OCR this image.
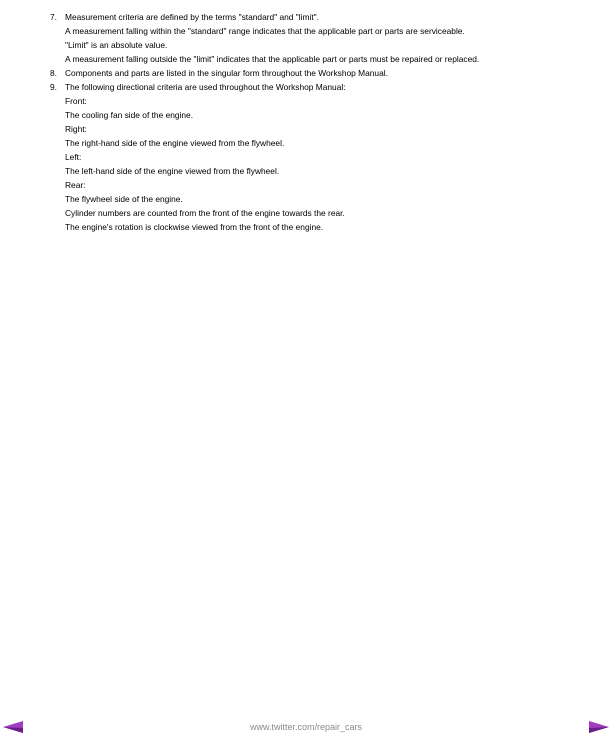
7. Measurement criteria are defined by the terms "standard" and "limit".
A measurement falling within the "standard" range indicates that the applicable part or parts are serviceable.
"Limit" is an absolute value.
A measurement falling outside the "limit" indicates that the applicable part or parts must be repaired or replaced.
8. Components and parts are listed in the singular form throughout the Workshop Manual.
9. The following directional criteria are used throughout the Workshop Manual:
Front:
The cooling fan side of the engine.
Right:
The right-hand side of the engine viewed from the flywheel.
Left:
The left-hand side of the engine viewed from the flywheel.
Rear:
The flywheel side of the engine.
Cylinder numbers are counted from the front of the engine towards the rear.
The engine's rotation is clockwise viewed from the front of the engine.
www.twitter.com/repair_cars
